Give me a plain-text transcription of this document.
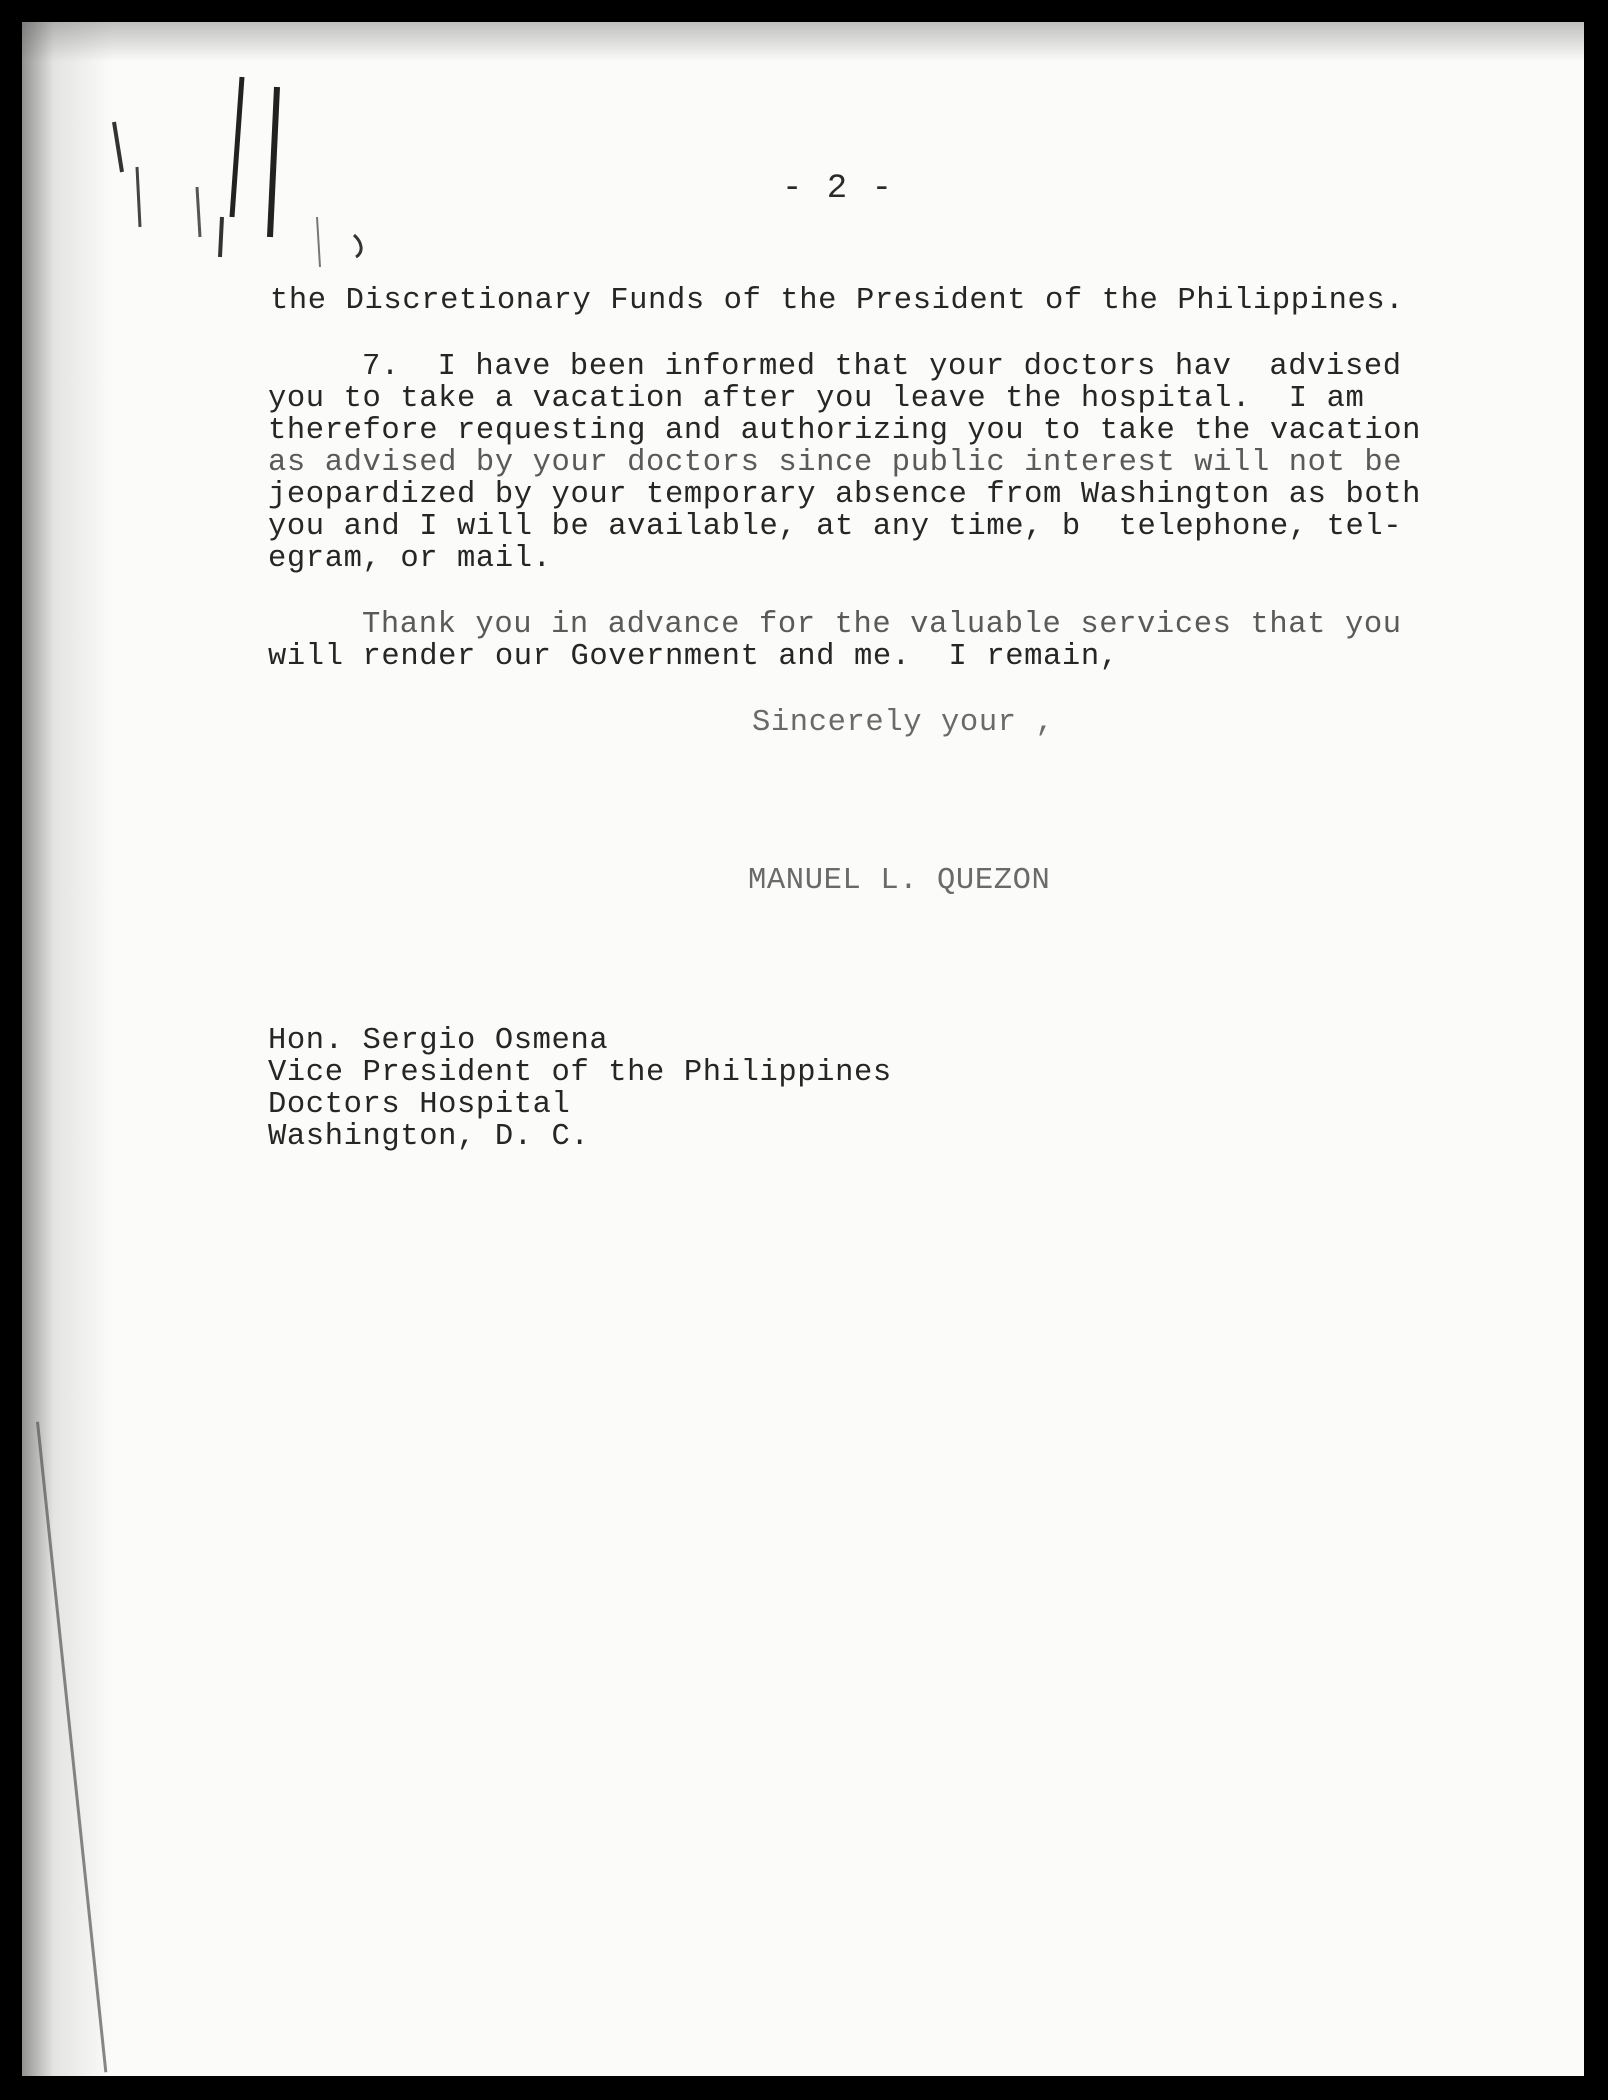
- 2 -
the Discretionary Funds of the President of the Philippines.
7.  I have been informed that your doctors hav  advised
you to take a vacation after you leave the hospital.  I am
therefore requesting and authorizing you to take the vacation
as advised by your doctors since public interest will not be
jeopardized by your temporary absence from Washington as both
you and I will be available, at any time, b  telephone, tel-
egram, or mail.
Thank you in advance for the valuable services that you
will render our Government and me.  I remain,
Sincerely your ,
MANUEL L. QUEZON
Hon. Sergio Osmena
Vice President of the Philippines
Doctors Hospital
Washington, D. C.
